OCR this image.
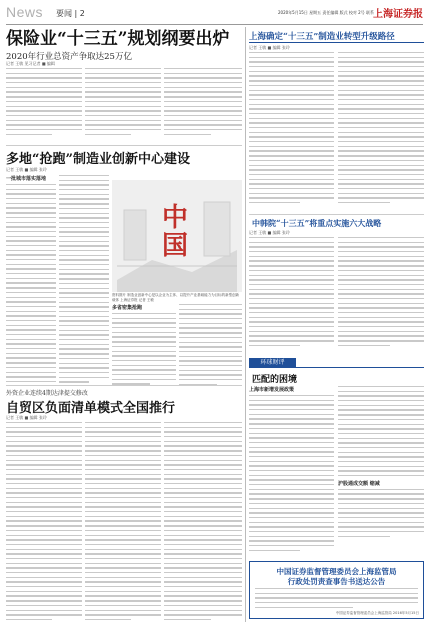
News 要闻 | 2	2020年5月15日 星期五 责任编辑 版式 校对 2号 联系 上海证券报
保险业“十三五”规划纲要出炉
2020年行业总资产争取达25万亿
记者 王敏 见习记者 ■ 编辑
多地“抢跑”制造业创新中心建设
记者 王敏 ■ 编辑 张玲
一批城市落实落地
中
国
资料图片 制造业创新中心是以企业为主体、以提升产业基础能力为目标的新型创新载体 上海证券报 记者 王敏
多省密集抢跑
外资企业连续4期达津提交修改
自贸区负面清单模式全国推行
记者 王敏 ■ 编辑 张玲
上海确定“十三五”制造业转型升级路径
记者 王敏 ■ 编辑 张玲
中韩院“十三五”将重点实施六大战略
记者 王敏 ■ 编辑 张玲
环球财评
匹配的困境
上海市新增发展政策
沪股通成交额 缩减
中国证券监督管理委员会上海监管局
行政处罚责查事告书送达公告
中国证券监督管理委员会上海监管局 2016年5月15日
